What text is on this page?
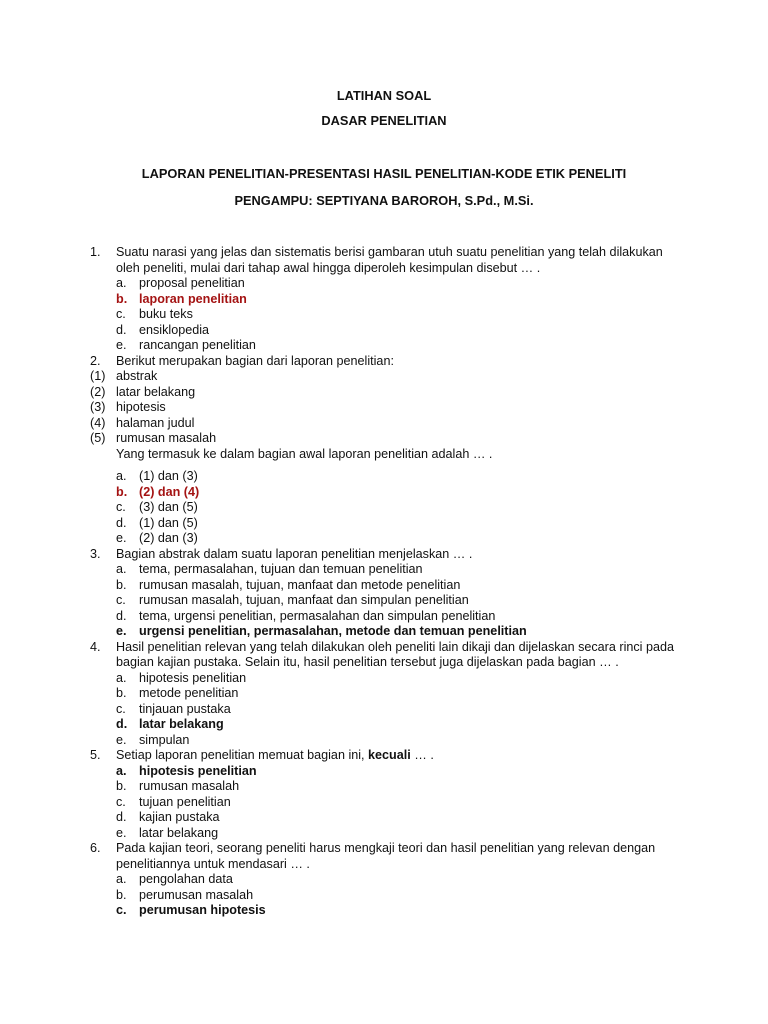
LATIHAN SOAL
DASAR PENELITIAN
LAPORAN PENELITIAN-PRESENTASI HASIL PENELITIAN-KODE ETIK PENELITI
PENGAMPU: SEPTIYANA BAROROH, S.Pd., M.Si.
1.	Suatu narasi yang jelas dan sistematis berisi gambaran utuh suatu penelitian yang telah dilakukan oleh peneliti, mulai dari tahap awal hingga diperoleh kesimpulan disebut … .
a. proposal penelitian
b. laporan penelitian
c.	buku teks
d. ensiklopedia
e. rancangan penelitian
2.	Berikut merupakan bagian dari laporan penelitian:
(1) abstrak
(2) latar belakang
(3) hipotesis
(4) halaman judul
(5) rumusan masalah
Yang termasuk ke dalam bagian awal laporan penelitian adalah … .
a. (1) dan (3)
b. (2) dan (4)
c.	(3) dan (5)
d. (1) dan (5)
e. (2) dan (3)
3.	Bagian abstrak dalam suatu laporan penelitian menjelaskan … .
a. tema, permasalahan, tujuan dan temuan penelitian
b. rumusan masalah, tujuan, manfaat dan metode penelitian
c.	rumusan masalah, tujuan, manfaat dan simpulan penelitian
d. tema, urgensi penelitian, permasalahan dan simpulan penelitian
e. urgensi penelitian, permasalahan, metode dan temuan penelitian
4.	Hasil penelitian relevan yang telah dilakukan oleh peneliti lain dikaji dan dijelaskan secara rinci pada bagian kajian pustaka. Selain itu, hasil penelitian tersebut juga dijelaskan pada bagian … .
a. hipotesis penelitian
b. metode penelitian
c.	tinjauan pustaka
d. latar belakang
e. simpulan
5.	Setiap laporan penelitian memuat bagian ini, kecuali … .
a. hipotesis penelitian
b. rumusan masalah
c.	tujuan penelitian
d. kajian pustaka
e. latar belakang
6.	Pada kajian teori, seorang peneliti harus mengkaji teori dan hasil penelitian yang relevan dengan penelitiannya untuk mendasari … .
a. pengolahan data
b. perumusan masalah
c. perumusan hipotesis
